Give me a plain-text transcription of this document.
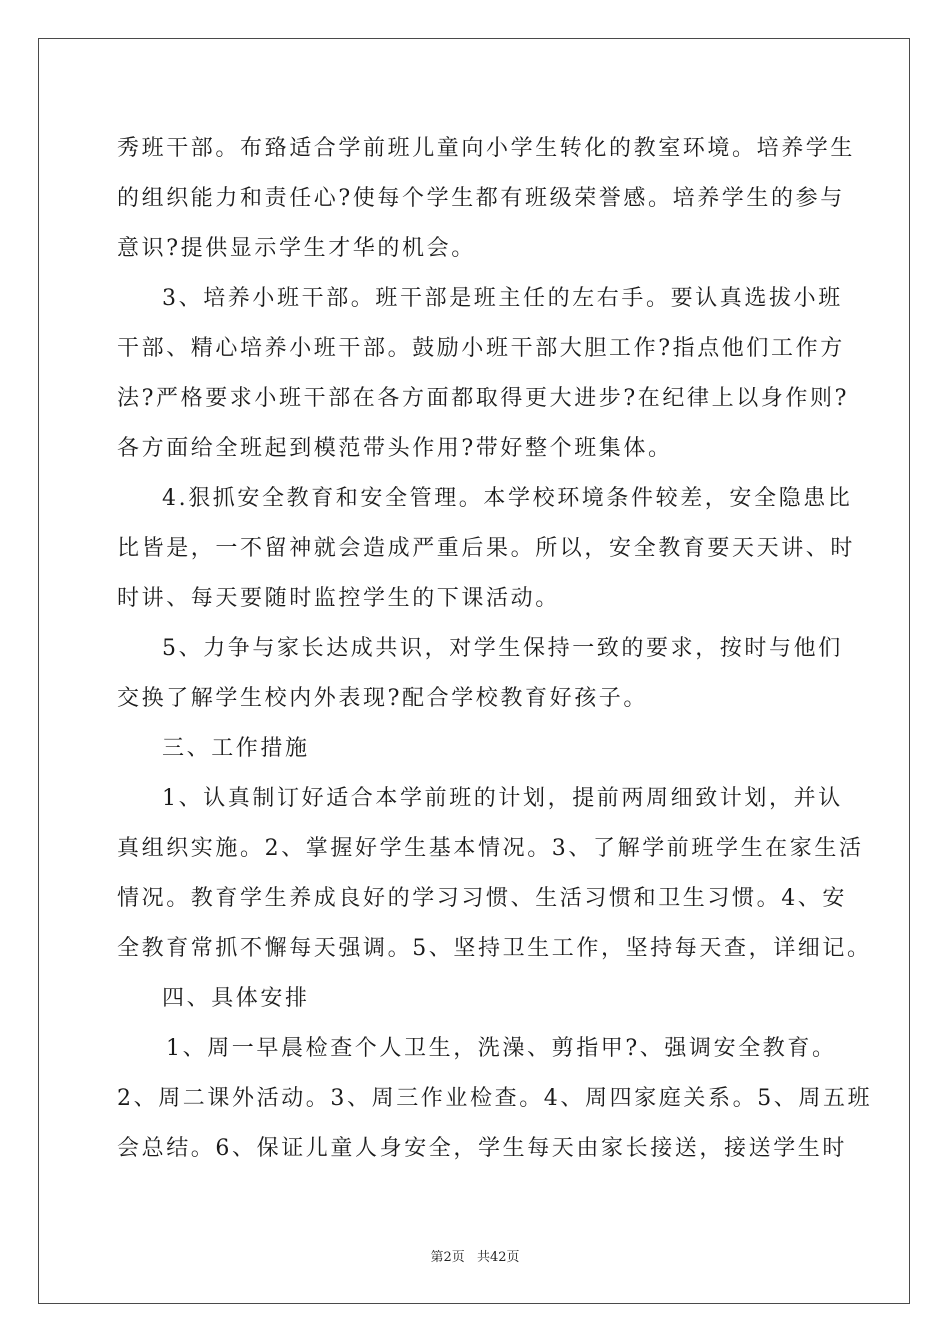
秀班干部。布臵适合学前班儿童向小学生转化的教室环境。培养学生
的组织能力和责任心?使每个学生都有班级荣誉感。培养学生的参与
意识?提供显示学生才华的机会。
3、培养小班干部。班干部是班主任的左右手。要认真选拔小班
干部、精心培养小班干部。鼓励小班干部大胆工作?指点他们工作方
法?严格要求小班干部在各方面都取得更大进步?在纪律上以身作则?
各方面给全班起到模范带头作用?带好整个班集体。
4.狠抓安全教育和安全管理。本学校环境条件较差，安全隐患比
比皆是，一不留神就会造成严重后果。所以，安全教育要天天讲、时
时讲、每天要随时监控学生的下课活动。
5、力争与家长达成共识，对学生保持一致的要求，按时与他们
交换了解学生校内外表现?配合学校教育好孩子。
三、工作措施
1、认真制订好适合本学前班的计划，提前两周细致计划，并认
真组织实施。2、掌握好学生基本情况。3、了解学前班学生在家生活
情况。教育学生养成良好的学习习惯、生活习惯和卫生习惯。4、安
全教育常抓不懈每天强调。5、坚持卫生工作，坚持每天查，详细记。
四、具体安排
1、周一早晨检查个人卫生，洗澡、剪指甲?、强调安全教育。
2、周二课外活动。3、周三作业检查。4、周四家庭关系。5、周五班
会总结。6、保证儿童人身安全，学生每天由家长接送，接送学生时
第2页 共42页
